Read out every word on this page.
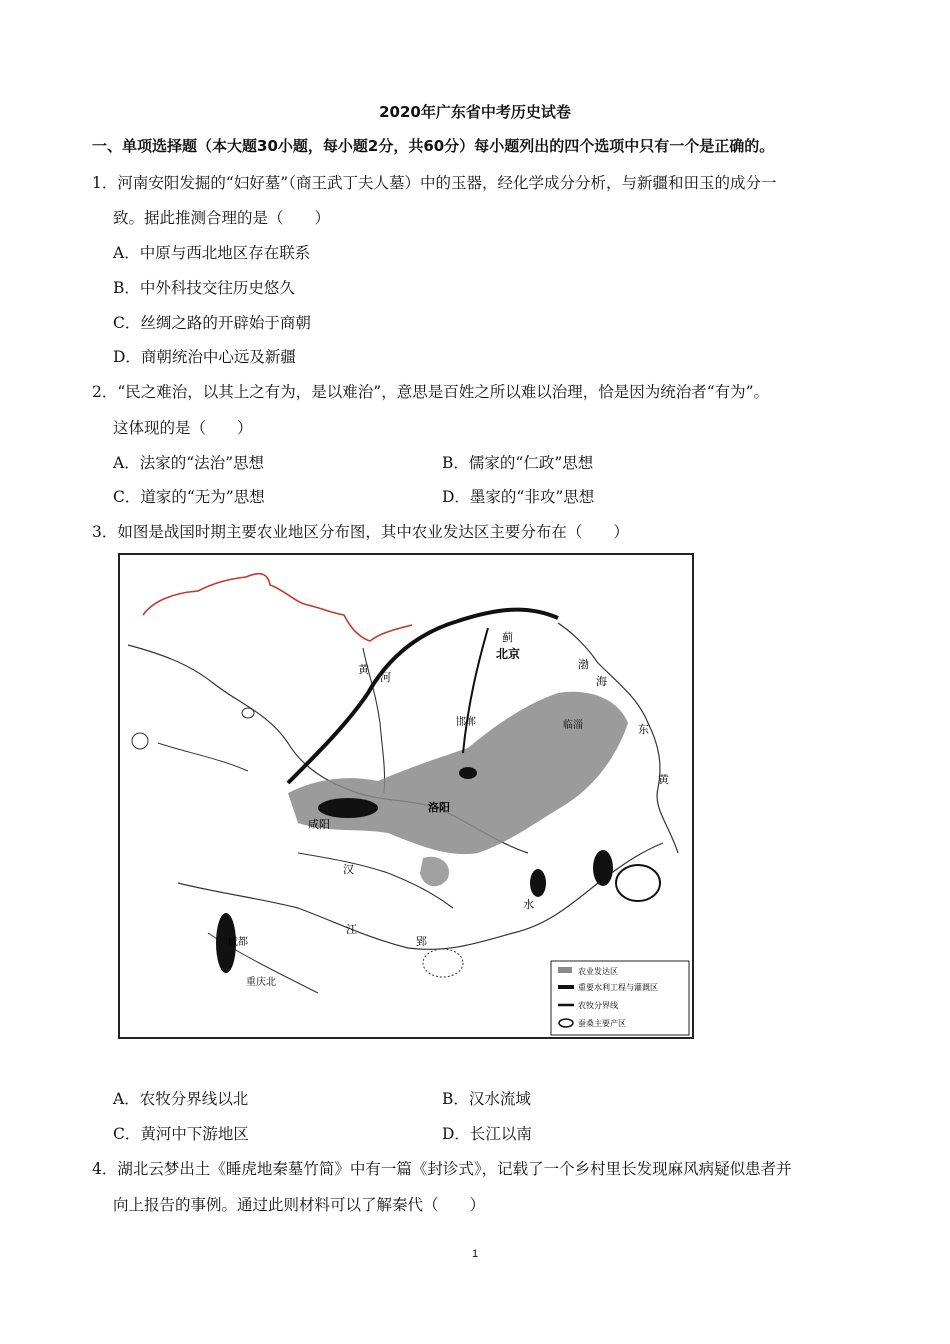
2020年广东省中考历史试卷
一、单项选择题（本大题30小题，每小题2分，共60分）每小题列出的四个选项中只有一个是正确的。
1．河南安阳发掘的“妇好墓”（商王武丁夫人墓）中的玉器，经化学成分分析，与新疆和田玉的成分一
致。据此推测合理的是（　　）
A．中原与西北地区存在联系
B．中外科技交往历史悠久
C．丝绸之路的开辟始于商朝
D．商朝统治中心远及新疆
2．“民之难治，以其上之有为，是以难治”，意思是百姓之所以难以治理，恰是因为统治者“有为”。
这体现的是（　　）
A．法家的“法治”思想	B．儒家的“仁政”思想
C．道家的“无为”思想	D．墨家的“非攻”思想
3．如图是战国时期主要农业地区分布图，其中农业发达区主要分布在（　　）
北京
蓟
邯郸	临淄
洛阳
咸阳
黄
河
汉
江
水
郢
成都
重庆北
渤
海
东
黄
农业发达区
重要水利工程与灌溉区
农牧分界线
蚕桑主要产区
A．农牧分界线以北	B．汉水流域
C．黄河中下游地区	D．长江以南
4．湖北云梦出土《睡虎地秦墓竹简》中有一篇《封诊式》，记载了一个乡村里长发现麻风病疑似患者并
向上报告的事例。通过此则材料可以了解秦代（　　）
1
